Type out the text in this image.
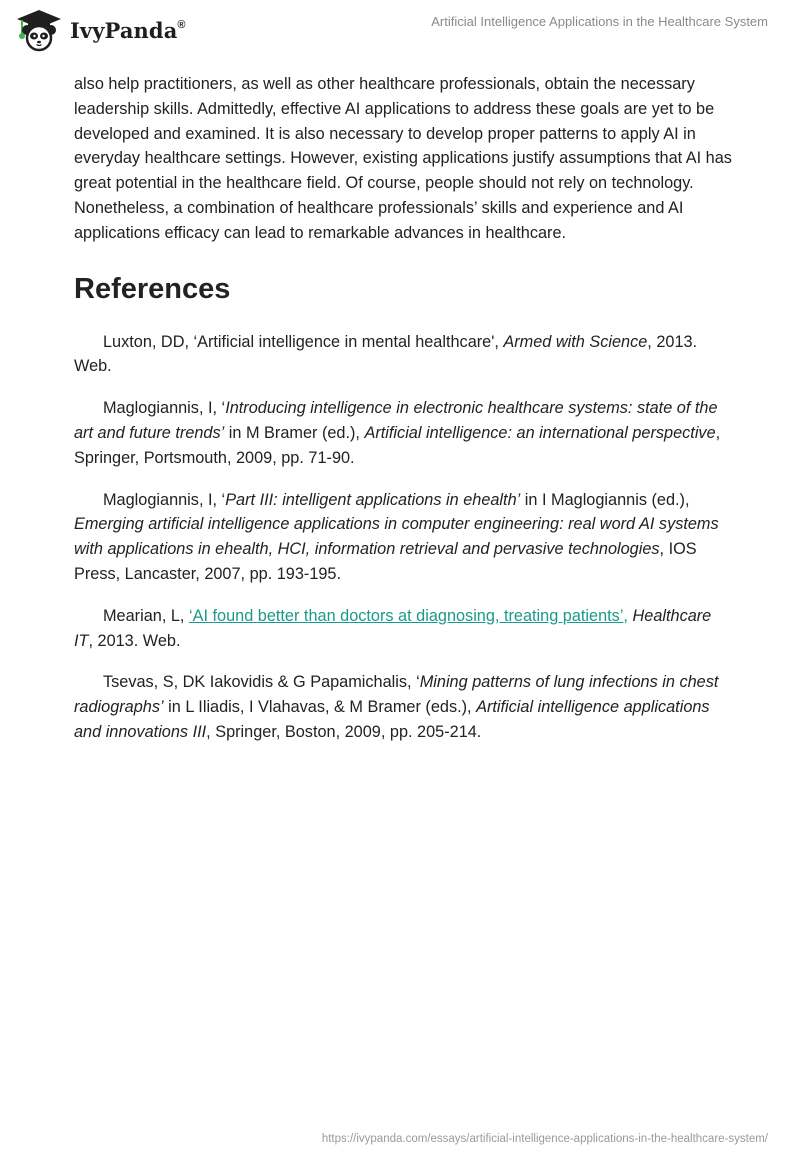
IvyPanda®	Artificial Intelligence Applications in the Healthcare System

also help practitioners, as well as other healthcare professionals, obtain the necessary leadership skills. Admittedly, effective AI applications to address these goals are yet to be developed and examined. It is also necessary to develop proper patterns to apply AI in everyday healthcare settings. However, existing applications justify assumptions that AI has great potential in the healthcare field. Of course, people should not rely on technology. Nonetheless, a combination of healthcare professionals’ skills and experience and AI applications efficacy can lead to remarkable advances in healthcare.

References

Luxton, DD, ‘Artificial intelligence in mental healthcare', Armed with Science, 2013. Web.

Maglogiannis, I, ‘Introducing intelligence in electronic healthcare systems: state of the art and future trends’ in M Bramer (ed.), Artificial intelligence: an international perspective, Springer, Portsmouth, 2009, pp. 71-90.

Maglogiannis, I, ‘Part III: intelligent applications in ehealth’ in I Maglogiannis (ed.), Emerging artificial intelligence applications in computer engineering: real word AI systems with applications in ehealth, HCI, information retrieval and pervasive technologies, IOS Press, Lancaster, 2007, pp. 193-195.

Mearian, L, ‘AI found better than doctors at diagnosing, treating patients’, Healthcare IT, 2013. Web.

Tsevas, S, DK Iakovidis & G Papamichalis, ‘Mining patterns of lung infections in chest radiographs’ in L Iliadis, I Vlahavas, & M Bramer (eds.), Artificial intelligence applications and innovations III, Springer, Boston, 2009, pp. 205-214.

https://ivypanda.com/essays/artificial-intelligence-applications-in-the-healthcare-system/
